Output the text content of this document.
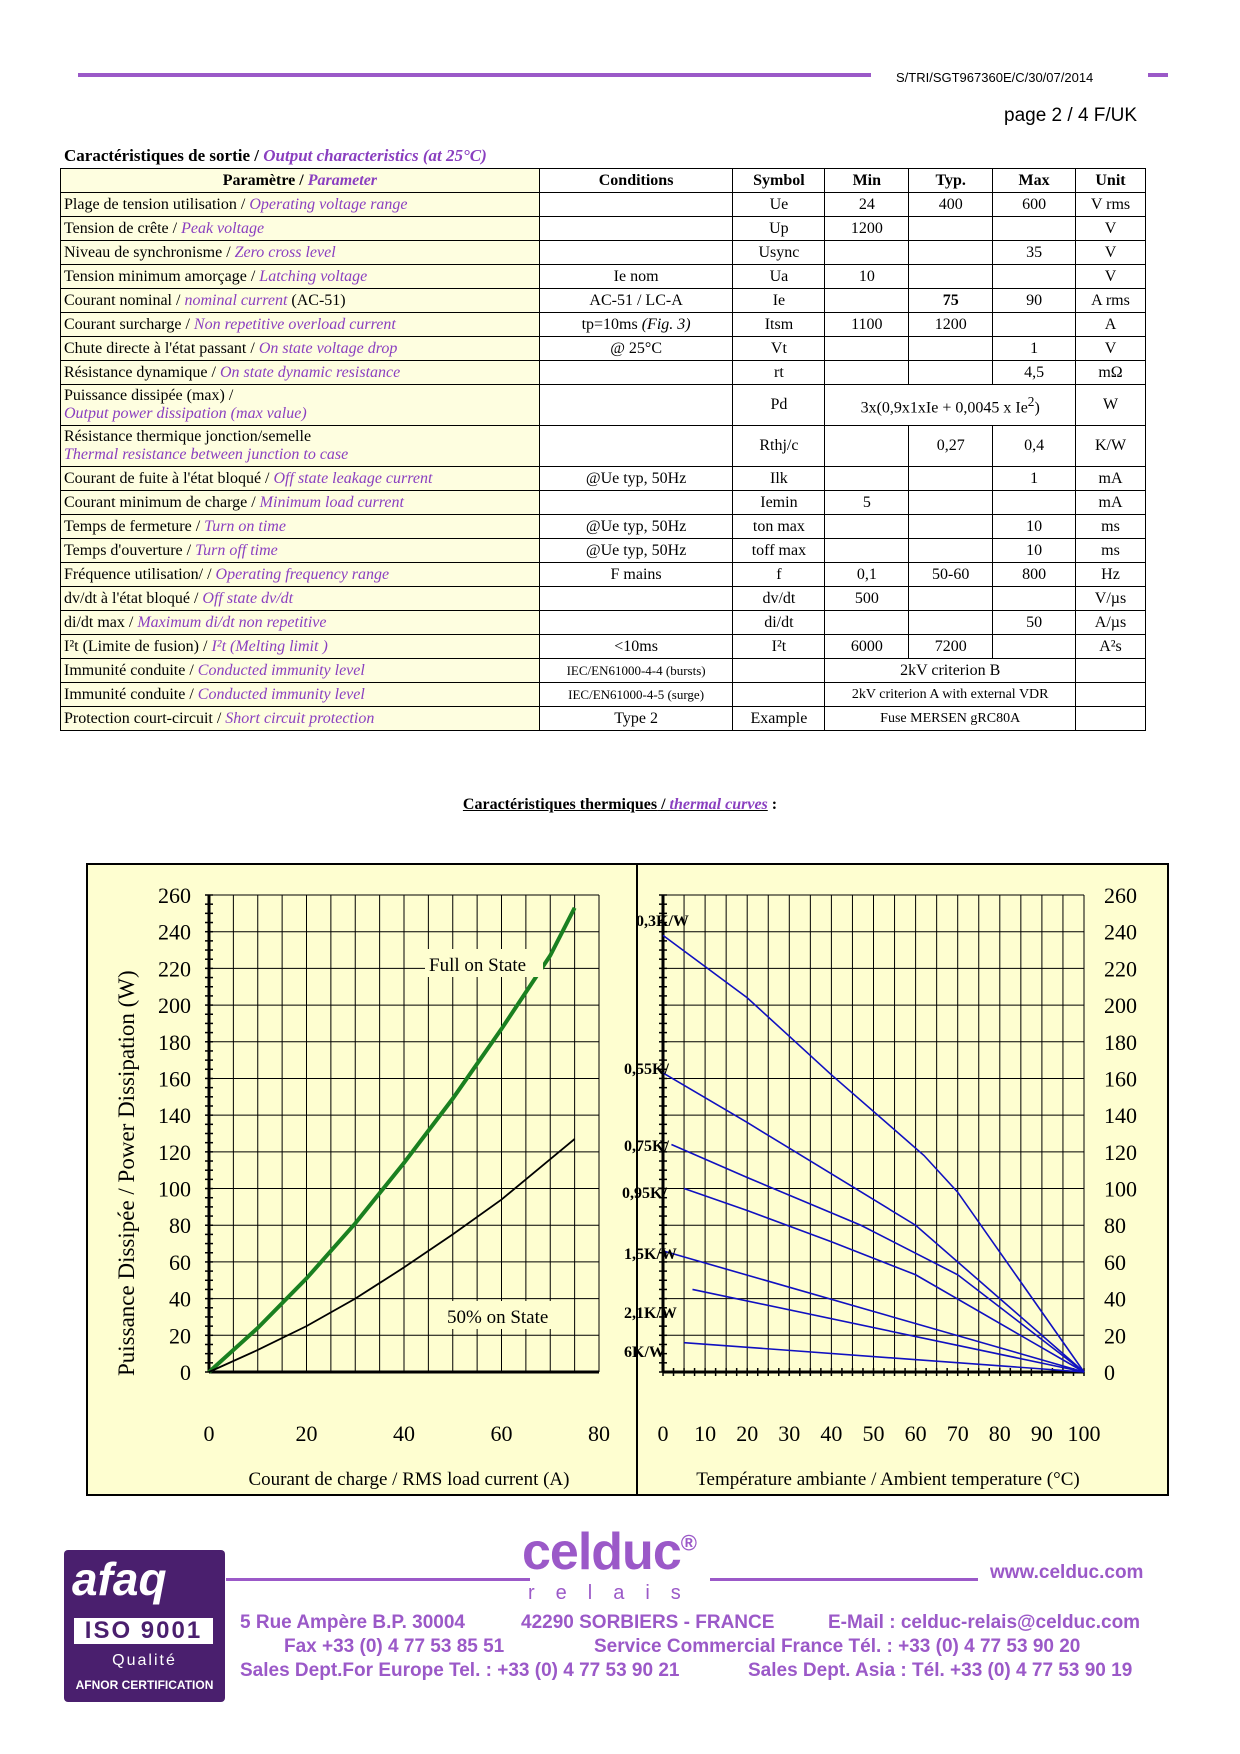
S/TRI/SGT967360E/C/30/07/2014
page 2 / 4 F/UK
Caractéristiques de sortie / Output characteristics (at 25°C)
Paramètre / Parameter	Conditions	Symbol	Min	Typ.	Max	Unit
Plage de tension utilisation / Operating voltage range		Ue	24	400	600	V rms
Tension de crête / Peak voltage		Up	1200			V
Niveau de synchronisme / Zero cross level		Usync			35	V
Tension minimum amorçage / Latching voltage	Ie nom	Ua	10			V
Courant nominal / nominal current (AC-51)	AC-51 / LC-A	Ie		75	90	A rms
Courant surcharge / Non repetitive overload current	tp=10ms (Fig. 3)	Itsm	1100	1200		A
Chute directe à l'état passant / On state voltage drop	@ 25°C	Vt			1	V
Résistance dynamique / On state dynamic resistance		rt			4,5	mΩ
Puissance dissipée (max) /
Output power dissipation (max value)		Pd	3x(0,9x1xIe + 0,0045 x Ie$^2$)			W
Résistance thermique jonction/semelle
Thermal resistance between junction to case		Rthj/c		0,27	0,4	K/W
Courant de fuite à l'état bloqué / Off state leakage current	@Ue typ, 50Hz	Ilk			1	mA
Courant minimum de charge / Minimum load current		Iemin	5			mA
Temps de fermeture / Turn on time	@Ue typ, 50Hz	ton max			10	ms
Temps d'ouverture / Turn off time	@Ue typ, 50Hz	toff max			10	ms
Fréquence utilisation/ / Operating frequency range	F mains	f	0,1	50-60	800	Hz
dv/dt à l'état bloqué / Off state dv/dt		dv/dt	500			V/µs
di/dt max / Maximum di/dt non repetitive		di/dt			50	A/µs
I²t (Limite de fusion) / I²t (Melting limit )	<10ms	I²t	6000	7200		A²s
Immunité conduite / Conducted immunity level	IEC/EN61000-4-4 (bursts)		2kV criterion B			
Immunité conduite / Conducted immunity level	IEC/EN61000-4-5 (surge)		2kV criterion A with external VDR			
Protection court-circuit / Short circuit protection	Type 2	Example	Fuse MERSEN gRC80A			
Caractéristiques thermiques / thermal curves :
0
20
40
60
80
100
120
140
160
180
200
220
240
260
0	20	40	60	80
0
20
40
60
80
100
120
140
160
180
200
220
240
260
0 10 20 30 40 50 60 70 80 90 100
Puissance Dissipée / Power Dissipation (W)
Courant de charge / RMS load current (A)	Température ambiante / Ambient temperature (°C)
Full on State
50% on State
0,3K/W
0,55K/
0,75K/
0,95K/
1,5K/W
2,1K/W
6K/W
afaq
ISO 9001
Qualité
AFNOR CERTIFICATION
celduc®
relais
www.celduc.com
5 Rue Ampère B.P. 30004	42290 SORBIERS - FRANCE	E-Mail : celduc-relais@celduc.com
Fax +33 (0) 4 77 53 85 51	Service Commercial France Tél. : +33 (0) 4 77 53 90 20
Sales Dept.For Europe Tel. : +33 (0) 4 77 53 90 21	Sales Dept. Asia : Tél. +33 (0) 4 77 53 90 19
